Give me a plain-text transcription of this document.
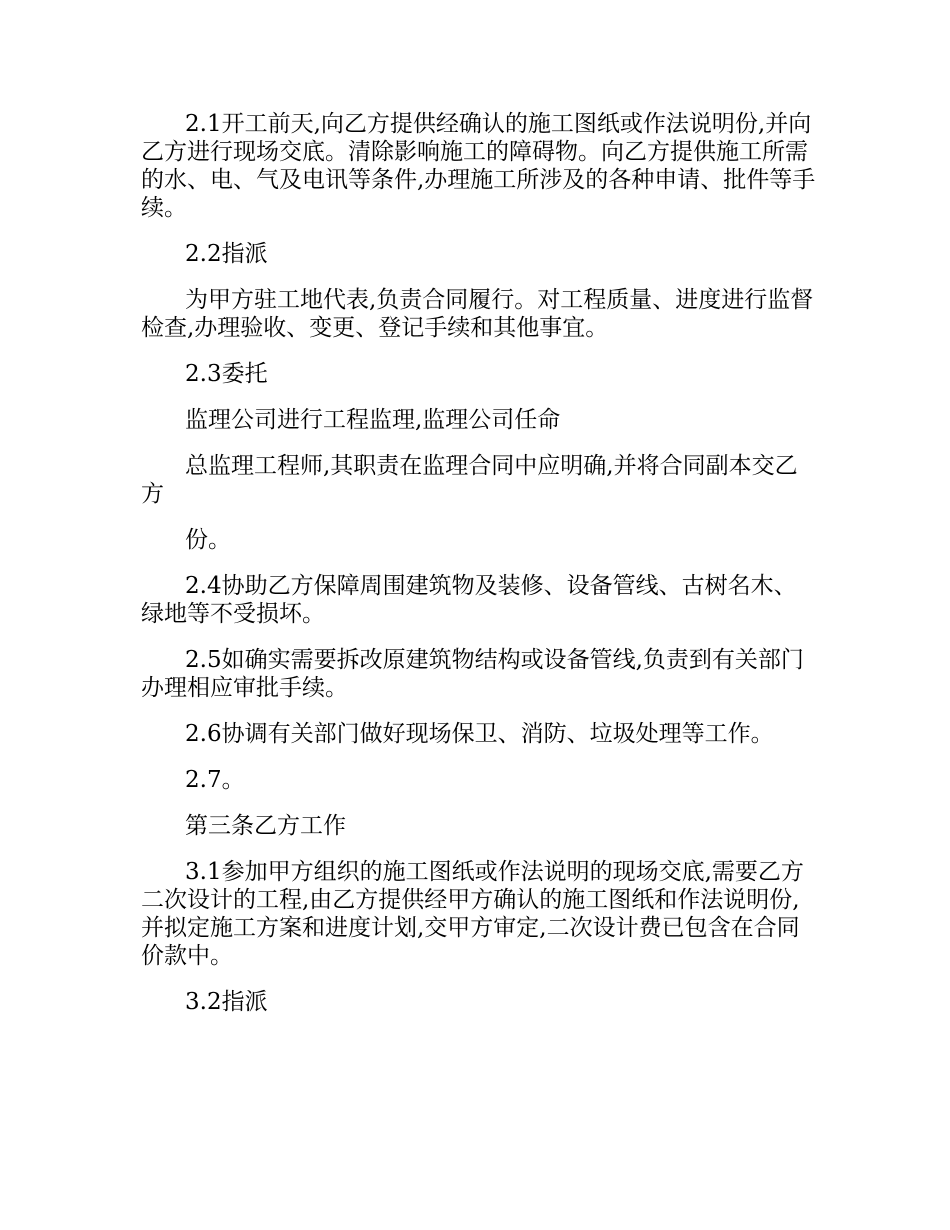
2.1开工前天,向乙方提供经确认的施工图纸或作法说明份,并向乙方进行现场交底。清除影响施工的障碍物。向乙方提供施工所需的水、电、气及电讯等条件,办理施工所涉及的各种申请、批件等手续。

2.2指派

为甲方驻工地代表,负责合同履行。对工程质量、进度进行监督检查,办理验收、变更、登记手续和其他事宜。

2.3委托

监理公司进行工程监理,监理公司任命

总监理工程师,其职责在监理合同中应明确,并将合同副本交乙方

份。

2.4协助乙方保障周围建筑物及装修、设备管线、古树名木、绿地等不受损坏。

2.5如确实需要拆改原建筑物结构或设备管线,负责到有关部门办理相应审批手续。

2.6协调有关部门做好现场保卫、消防、垃圾处理等工作。

2.7。

第三条乙方工作

3.1参加甲方组织的施工图纸或作法说明的现场交底,需要乙方二次设计的工程,由乙方提供经甲方确认的施工图纸和作法说明份,并拟定施工方案和进度计划,交甲方审定,二次设计费已包含在合同价款中。

3.2指派
